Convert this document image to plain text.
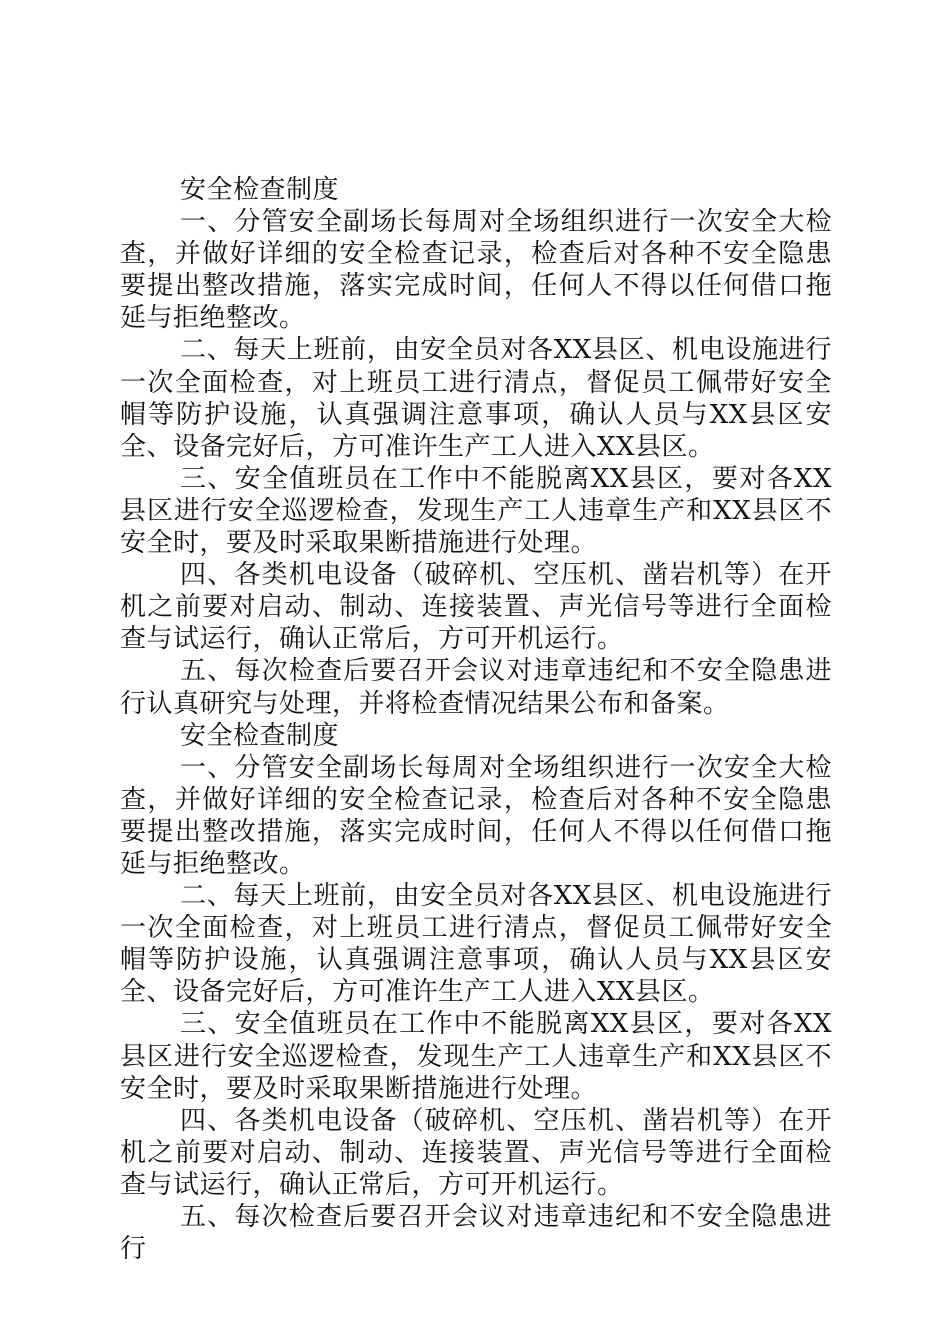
安全检查制度

一、分管安全副场长每周对全场组织进行一次安全大检查，并做好详细的安全检查记录，检查后对各种不安全隐患要提出整改措施，落实完成时间，任何人不得以任何借口拖延与拒绝整改。

二、每天上班前，由安全员对各XX县区、机电设施进行一次全面检查，对上班员工进行清点，督促员工佩带好安全帽等防护设施，认真强调注意事项，确认人员与XX县区安全、设备完好后，方可准许生产工人进入XX县区。

三、安全值班员在工作中不能脱离XX县区，要对各XX县区进行安全巡逻检查，发现生产工人违章生产和XX县区不安全时，要及时采取果断措施进行处理。

四、各类机电设备（破碎机、空压机、凿岩机等）在开机之前要对启动、制动、连接装置、声光信号等进行全面检查与试运行，确认正常后，方可开机运行。

五、每次检查后要召开会议对违章违纪和不安全隐患进行认真研究与处理，并将检查情况结果公布和备案。

安全检查制度

一、分管安全副场长每周对全场组织进行一次安全大检查，并做好详细的安全检查记录，检查后对各种不安全隐患要提出整改措施，落实完成时间，任何人不得以任何借口拖延与拒绝整改。

二、每天上班前，由安全员对各XX县区、机电设施进行一次全面检查，对上班员工进行清点，督促员工佩带好安全帽等防护设施，认真强调注意事项，确认人员与XX县区安全、设备完好后，方可准许生产工人进入XX县区。

三、安全值班员在工作中不能脱离XX县区，要对各XX县区进行安全巡逻检查，发现生产工人违章生产和XX县区不安全时，要及时采取果断措施进行处理。

四、各类机电设备（破碎机、空压机、凿岩机等）在开机之前要对启动、制动、连接装置、声光信号等进行全面检查与试运行，确认正常后，方可开机运行。

五、每次检查后要召开会议对违章违纪和不安全隐患进行
